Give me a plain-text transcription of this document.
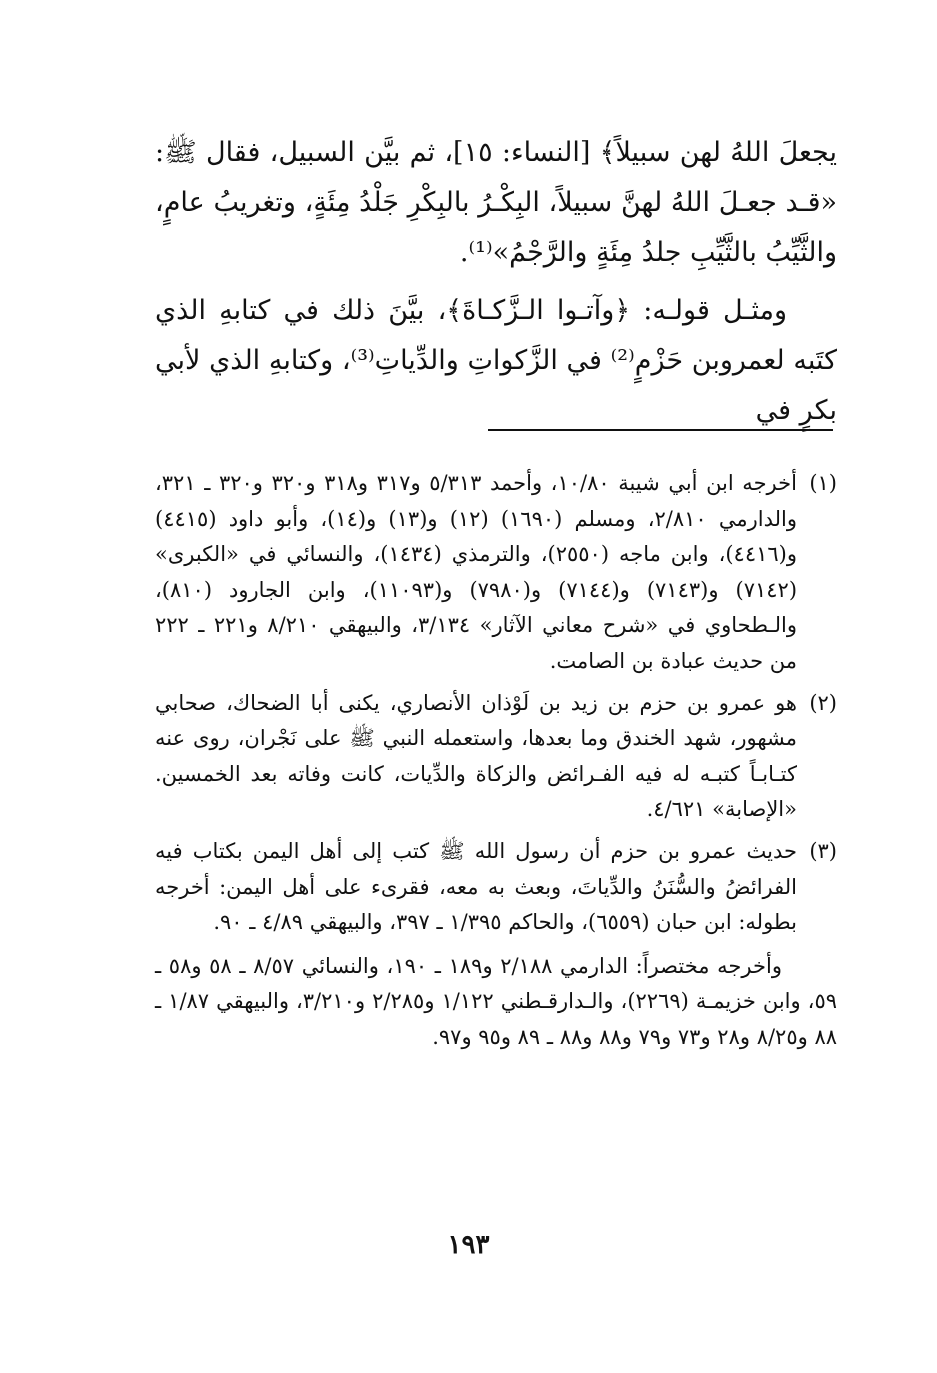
يجعلَ اللهُ لهن سبيلاً﴾ [النساء: ١٥]، ثم بيَّن السبيل، فقال ﷺ: «قـد جعـلَ اللهُ لهنَّ سبيلاً، البِكْـرُ بالبِكْرِ جَلْدُ مِئَةٍ، وتغريبُ عامٍ، والثَّيِّبُ بالثَّيِّبِ جلدُ مِئَةٍ والرَّجْمُ»⁽¹⁾.

ومثـل قولـه: ﴿وآتـوا الـزَّكـاةَ﴾، بيَّنَ ذلك في كتابهِ الذي كتَبه لعمروبن حَزْمٍ⁽²⁾ في الزَّكواتِ والدِّياتِ⁽³⁾، وكتابهِ الذي لأبي بكرٍ في

(١)
أخرجه ابن أبي شيبة ١٠/٨٠، وأحمد ٥/٣١٣ و٣١٧ و٣١٨ و٣٢٠ و٣٢٠ ـ ٣٢١، والدارمي ٢/٨١٠، ومسلم (١٦٩٠) (١٢) و(١٣) و(١٤)، وأبو داود (٤٤١٥) و(٤٤١٦)، وابن ماجه (٢٥٥٠)، والترمذي (١٤٣٤)، والنسائي في «الكبرى» (٧١٤٢) و(٧١٤٣) و(٧١٤٤) و(٧٩٨٠) و(١١٠٩٣)، وابن الجارود (٨١٠)، والـطحاوي في «شرح معاني الآثار» ٣/١٣٤، والبيهقي ٨/٢١٠ و٢٢١ ـ ٢٢٢ من حديث عبادة بن الصامت.
(٢)
هو عمرو بن حزم بن زيد بن لَوْذان الأنصاري، يكنى أبا الضحاك، صحابي مشهور، شهد الخندق وما بعدها، واستعمله النبي ﷺ على نَجْران، روى عنه كتـابـاً كتبـه له فيه الفـرائض والزكاة والدِّيات، كانت وفاته بعد الخمسين. «الإصابة» ٤/٦٢١.
(٣)
حديث عمرو بن حزم أن رسول الله ﷺ كتب إلى أهل اليمن بكتاب فيه الفرائضُ والسُّنَنُ والدِّياتَ، وبعث به معه، فقرىء على أهل اليمن: أخرجه بطوله: ابن حبان (٦٥٥٩)، والحاكم ١/٣٩٥ ـ ٣٩٧، والبيهقي ٤/٨٩ ـ ٩٠.

وأخرجه مختصراً: الدارمي ٢/١٨٨ و١٨٩ ـ ١٩٠، والنسائي ٨/٥٧ ـ ٥٨ و٥٨ ـ ٥٩، وابن خزيمـة (٢٢٦٩)، والـدارقـطني ١/١٢٢ و٢/٢٨٥ و٣/٢١٠، والبيهقي ١/٨٧ ـ ٨٨ و٨/٢٥ و٢٨ و٧٣ و٧٩ و٨٨ و٨٨ ـ ٨٩ و٩٥ و٩٧.

١٩٣
